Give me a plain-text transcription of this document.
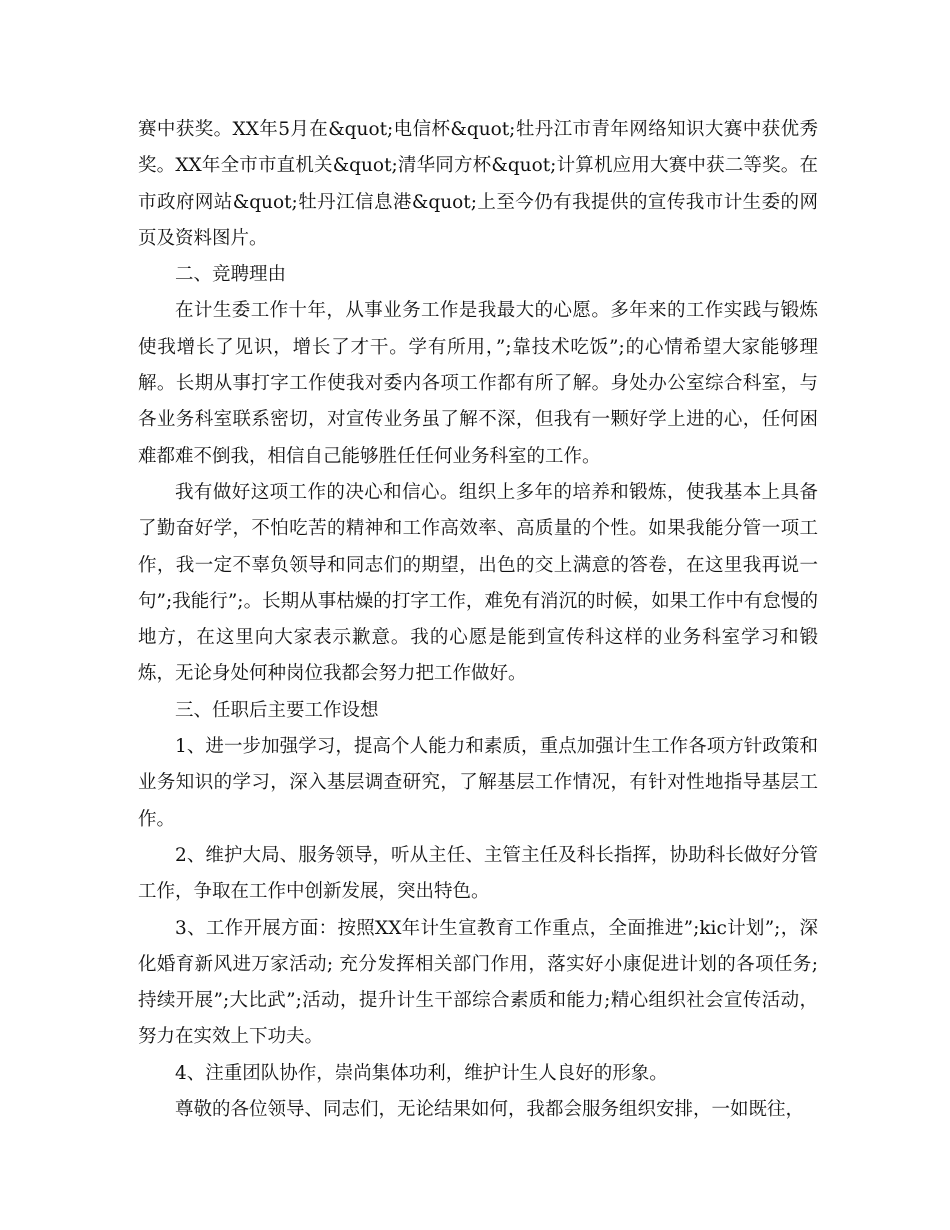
赛中获奖。XX年5月在&quot;电信杯&quot;牡丹江市青年网络知识大赛中获优秀奖。XX年全市市直机关&quot;清华同方杯&quot;计算机应用大赛中获二等奖。在市政府网站&quot;牡丹江信息港&quot;上至今仍有我提供的宣传我市计生委的网页及资料图片。

二、竞聘理由

在计生委工作十年，从事业务工作是我最大的心愿。多年来的工作实践与锻炼使我增长了见识，增长了才干。学有所用，”;靠技术吃饭”;的心情希望大家能够理解。长期从事打字工作使我对委内各项工作都有所了解。身处办公室综合科室，与各业务科室联系密切，对宣传业务虽了解不深，但我有一颗好学上进的心，任何困难都难不倒我，相信自己能够胜任任何业务科室的工作。

我有做好这项工作的决心和信心。组织上多年的培养和锻炼，使我基本上具备了勤奋好学，不怕吃苦的精神和工作高效率、高质量的个性。如果我能分管一项工作，我一定不辜负领导和同志们的期望，出色的交上满意的答卷，在这里我再说一句”;我能行”;。长期从事枯燥的打字工作，难免有消沉的时候，如果工作中有怠慢的地方，在这里向大家表示歉意。我的心愿是能到宣传科这样的业务科室学习和锻炼，无论身处何种岗位我都会努力把工作做好。

三、任职后主要工作设想

1、进一步加强学习，提高个人能力和素质，重点加强计生工作各项方针政策和业务知识的学习，深入基层调查研究，了解基层工作情况，有针对性地指导基层工作。

2、维护大局、服务领导，听从主任、主管主任及科长指挥，协助科长做好分管工作，争取在工作中创新发展，突出特色。

3、工作开展方面：按照XX年计生宣教育工作重点，全面推进”;kic计划”;，深化婚育新风进万家活动; 充分发挥相关部门作用，落实好小康促进计划的各项任务;持续开展”;大比武”;活动，提升计生干部综合素质和能力;精心组织社会宣传活动，努力在实效上下功夫。

4、注重团队协作，崇尚集体功利，维护计生人良好的形象。

尊敬的各位领导、同志们，无论结果如何，我都会服务组织安排，一如既往，
